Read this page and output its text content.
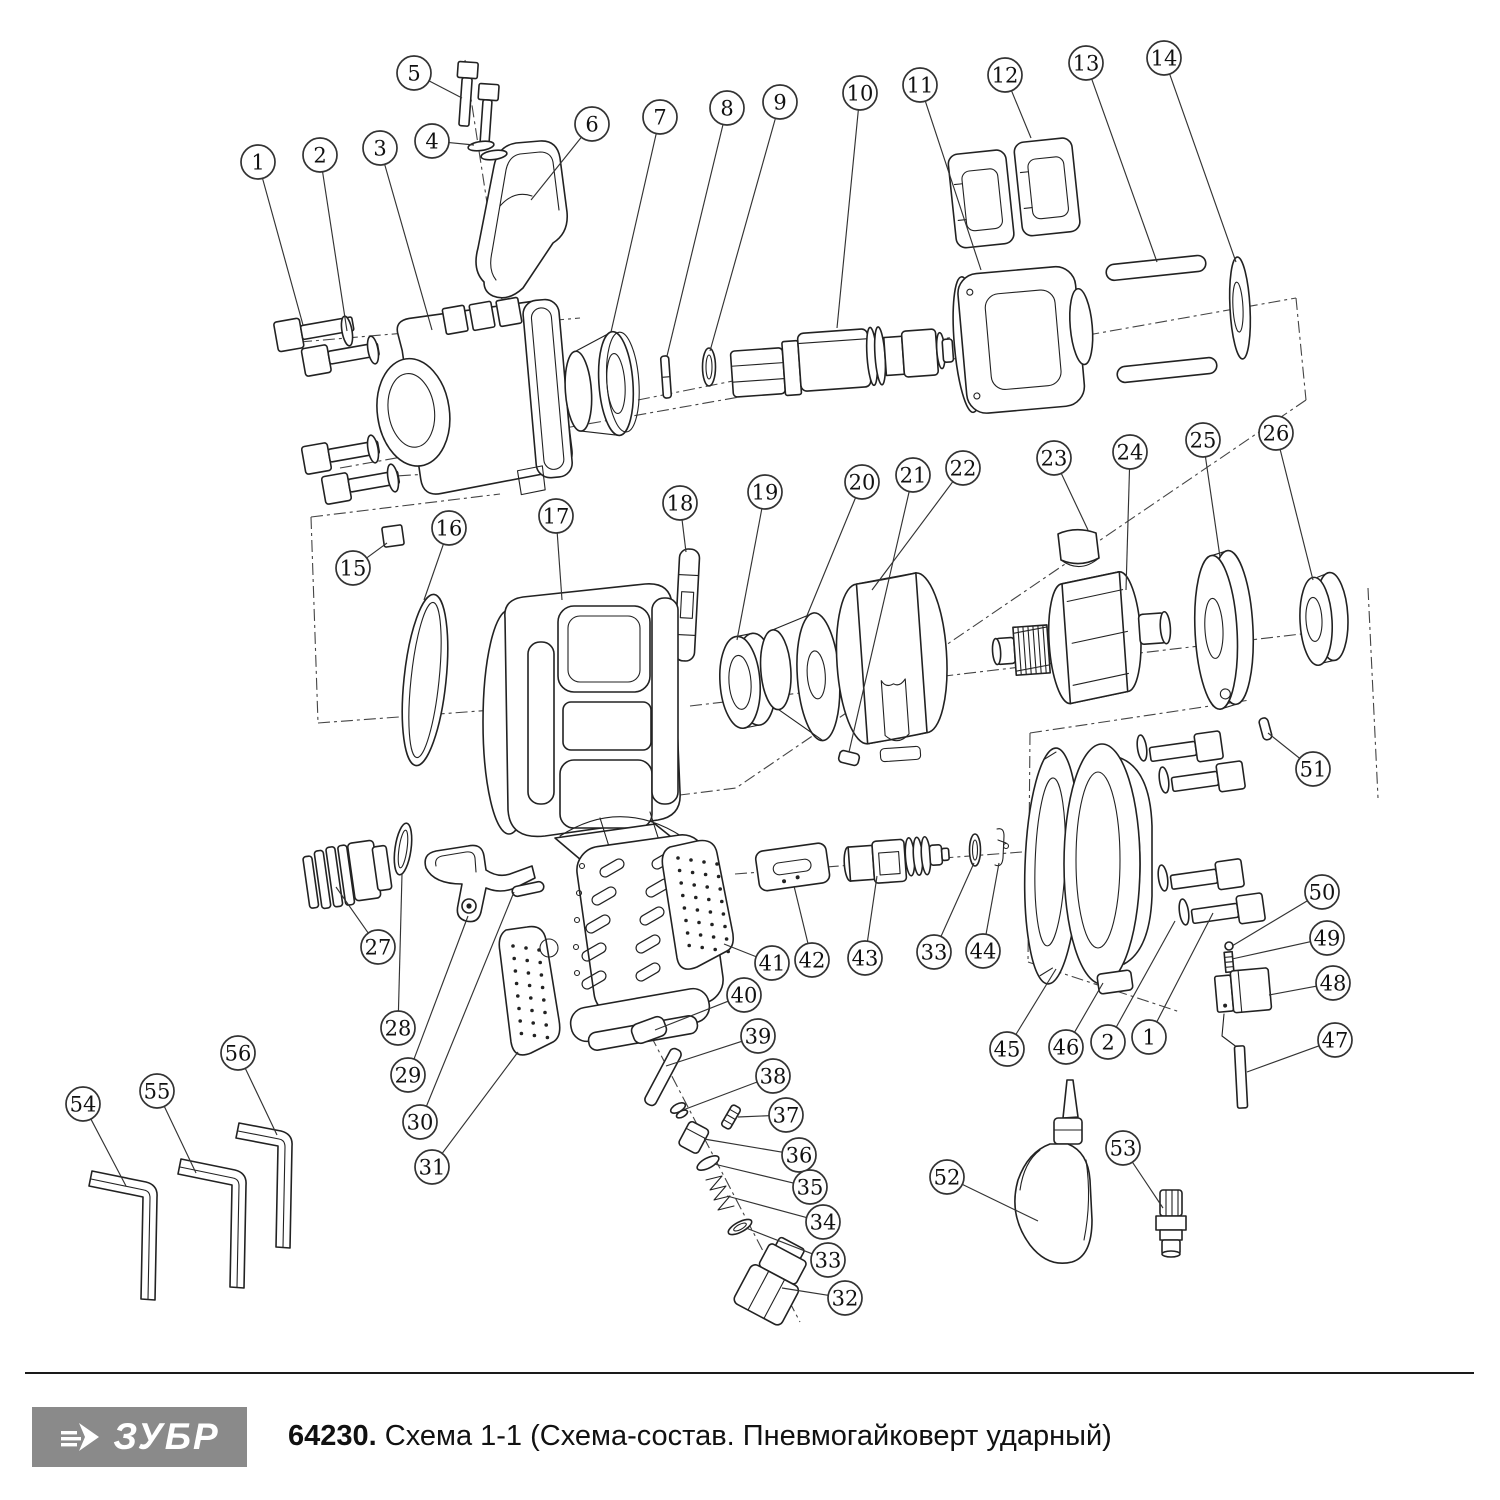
1 2 3 4
5
6	7	8 9	10 11	12	13 14
15
16	17
18	19	20 21 22	23 24 25 26
27
28
29
30
31
41 42 43 33 44
40
39
38
37
36
35
34
33
32
45 46 2 1
51
50
49
48
47
52
53
54
55
56
ЗУБР 64230. Схема 1-1 (Схема-состав. Пневмогайковерт ударный)
